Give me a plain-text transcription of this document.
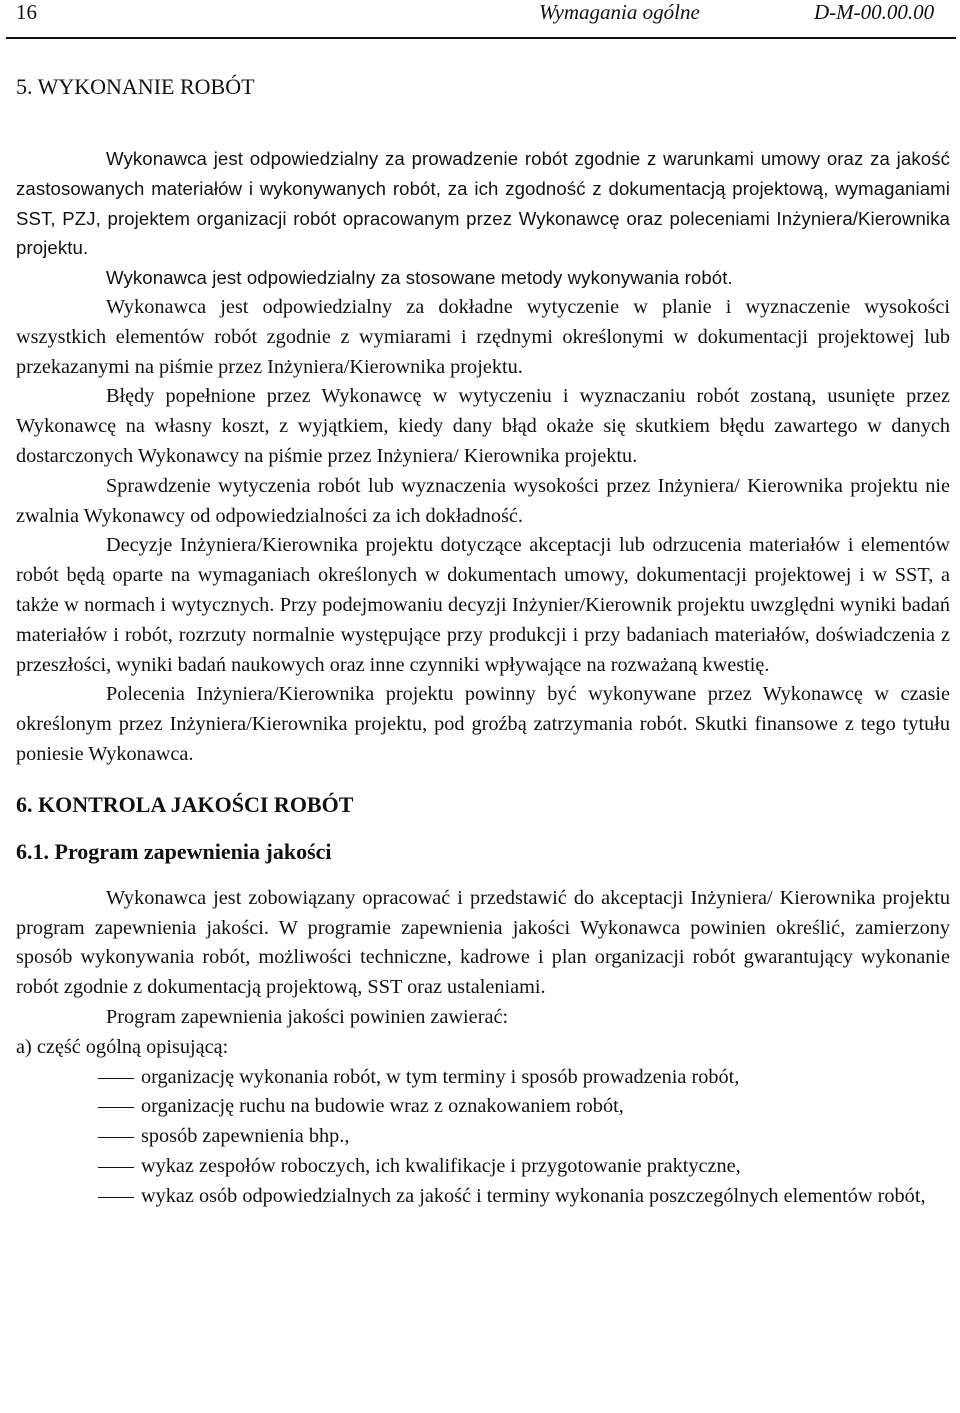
16	Wymagania ogólne	D-M-00.00.00
5. WYKONANIE ROBÓT

Wykonawca jest odpowiedzialny za prowadzenie robót zgodnie z warunkami umowy oraz za jakość zastosowanych materiałów i wykonywanych robót, za ich zgodność z dokumentacją projektową, wymaganiami SST, PZJ, projektem organizacji robót opracowanym przez Wykonawcę oraz poleceniami Inżyniera/Kierownika projektu.

Wykonawca jest odpowiedzialny za stosowane metody wykonywania robót.

Wykonawca jest odpowiedzialny za dokładne wytyczenie w planie i wyznaczenie wysokości wszystkich elementów robót zgodnie z wymiarami i rzędnymi określonymi w dokumentacji projektowej lub przekazanymi na piśmie przez Inżyniera/Kierownika projektu.

Błędy popełnione przez Wykonawcę w wytyczeniu i wyznaczaniu robót zostaną, usunięte przez Wykonawcę na własny koszt, z wyjątkiem, kiedy dany błąd okaże się skutkiem błędu zawartego w danych dostarczonych Wykonawcy na piśmie przez Inżyniera/ Kierownika projektu.

Sprawdzenie wytyczenia robót lub wyznaczenia wysokości przez Inżyniera/ Kierownika projektu nie zwalnia Wykonawcy od odpowiedzialności za ich dokładność.

Decyzje Inżyniera/Kierownika projektu dotyczące akceptacji lub odrzucenia materiałów i elementów robót będą oparte na wymaganiach określonych w dokumentach umowy, dokumentacji projektowej i w SST, a także w normach i wytycznych. Przy podejmowaniu decyzji Inżynier/Kierownik projektu uwzględni wyniki badań materiałów i robót, rozrzuty normalnie występujące przy produkcji i przy badaniach materiałów, doświadczenia z przeszłości, wyniki badań naukowych oraz inne czynniki wpływające na rozważaną kwestię.

Polecenia Inżyniera/Kierownika projektu powinny być wykonywane przez Wykonawcę w czasie określonym przez Inżyniera/Kierownika projektu, pod groźbą zatrzymania robót. Skutki finansowe z tego tytułu poniesie Wykonawca.

6. KONTROLA JAKOŚCI ROBÓT
6.1. Program zapewnienia jakości

Wykonawca jest zobowiązany opracować i przedstawić do akceptacji Inżyniera/ Kierownika projektu program zapewnienia jakości. W programie zapewnienia jakości Wykonawca powinien określić, zamierzony sposób wykonywania robót, możliwości techniczne, kadrowe i plan organizacji robót gwarantujący wykonanie robót zgodnie z dokumentacją projektową, SST oraz ustaleniami.

Program zapewnienia jakości powinien zawierać:

a) część ogólną opisującą:

organizację wykonania robót, w tym terminy i sposób prowadzenia robót,
organizację ruchu na budowie wraz z oznakowaniem robót,
sposób zapewnienia bhp.,
wykaz zespołów roboczych, ich kwalifikacje i przygotowanie praktyczne,
wykaz osób odpowiedzialnych za jakość i terminy wykonania poszczególnych elementów robót,
